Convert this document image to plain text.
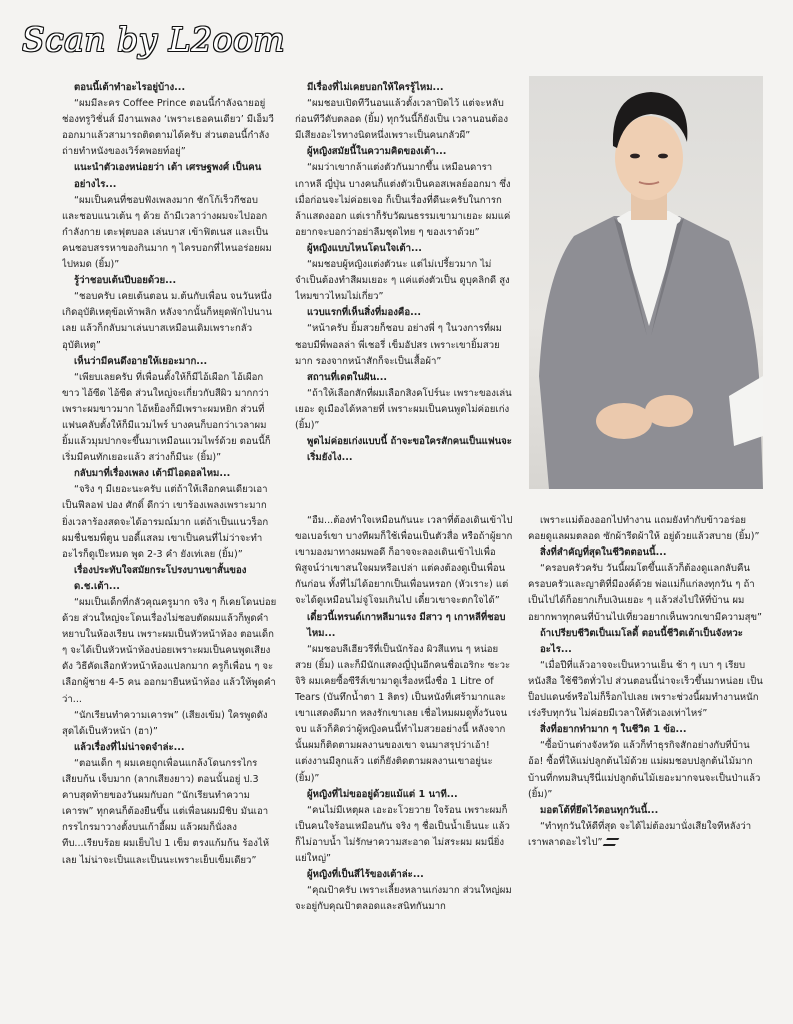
Scan by L2oom

ตอนนี้เต้าทำอะไรอยู่บ้าง...

“ผมมีละคร Coffee Prince ตอนนี้กำลังฉายอยู่ช่องทรูวิชั่นส์ มีงานเพลง ‘เพราะเธอคนเดียว’ มีเอ็มวีออกมาแล้วสามารถติดตามได้ครับ ส่วนตอนนี้กำลังถ่ายทำหนังของเวิร์คพอยท์อยู่”

แนะนำตัวเองหน่อยว่า เต้า เศรษฐพงศ์ เป็นคนอย่างไร...

“ผมเป็นคนที่ชอบฟังเพลงมาก ชักโก้เร็วกีชอบ และชอบแนวเต้น ๆ ด้วย ถ้ามีเวลาว่างผมจะไปออกกำลังกาย เตะฟุตบอล เล่นบาส เข้าฟิตเนส และเป็นคนชอบสรรหาของกินมาก ๆ ไครบอกที่ไหนอร่อยผมไปหมด (ยิ้ม)”

รู้ว่าชอบเต้นปีบอยด้วย...

“ชอบครับ เคยเต้นตอน ม.ต้นกับเพื่อน จนวันหนึ่งเกิดอุบัติเหตุข้อเท้าพลิก หลังจากนั้นก็หยุดพักไปนานเลย แล้วก็กลับมาเล่นบาสเหมือนเดิมเพราะกลัวอุบัติเหตุ”

เห็นว่ามีคนดึงอายให้เยอะมาก...

“เพียบเลยครับ ที่เพื่อนตั้งให้ก็มีไอ้เผือก ไอ้เผือกขาว ไอ้ซีด ไอ้ซีด ส่วนใหญ่จะเกี่ยวกับสีผิว มากกว่าเพราะผมขาวมาก ไอ้หย็องก็มีเพราะผมหยิก ส่วนที่แฟนคลับตั้งให้ก็มีแวมไพร์ บางคนก็บอกว่าเวลาผมยิ้มแล้วมุมปากจะขึ้นมาเหมือนแวมไพร์ด้วย ตอนนี้ก็เริ่มมีคนทักเยอะแล้ว สว่างก็มีนะ (ยิ้ม)”

กลับมาที่เรื่องเพลง เต้ามีไอดอลไหม...

“จริง ๆ มีเยอะนะครับ แต่ถ้าให้เลือกคนเดียวเอาเป็นฟีลอฟ ปอง ศักดิ์ ดีกว่า เขาร้องเพลงเพราะมาก ยิ่งเวลาร้องสดจะได้อารมณ์มาก แต่ถ้าเป็นแนวร็อกผมชื่นชมพี่ตูน บอดี้แสลม เขาเป็นคนที่ไม่ว่าจะทำอะไรก็ดูเป๊ะหมด พูด 2-3 คำ ยังเท่เลย (ยิ้ม)”

เรื่องประทับใจสมัยกระโปรงบานขาสั้นของ ด.ช.เต้า...

“ผมเป็นเด็กที่กลัวคุณครูมาก จริง ๆ ก็เคยโดนบ่อยด้วย ส่วนใหญ่จะโดนเรื่องไม่ชอบตัดผมแล้วก็พูดคำหยาบในห้องเรียน เพราะผมเป็นหัวหน้าห้อง ตอนเด็ก ๆ จะได้เป็นหัวหน้าห้องบ่อยเพราะผมเป็นคนพูดเสียงดัง วิธีคัดเลือกหัวหน้าห้องแปลกมาก ครูก็เพื่อน ๆ จะเลือกผู้ชาย 4-5 คน ออกมายืนหน้าห้อง แล้วให้พูดคำว่า...

“นักเรียนทำความเคารพ” (เสียงเข้ม) ใครพูดดังสุดได้เป็นหัวหน้า (ฮา)”

แล้วเรื่องที่ไม่น่าจดจำล่ะ...

“ตอนเด็ก ๆ ผมเคยถูกเพื่อนแกล้งโดนกรรไกรเสียบก้น เจ็บมาก (ลากเสียงยาว) ตอนนั้นอยู่ ป.3 คาบสุดท้ายของวันผมกับอก “นักเรียนทำความเคารพ” ทุกคนก็ต้องยืนขึ้น แต่เพื่อนผมมีชิบ มันเอากรรไกรมาวางตั้งบนเก้าอี้ผม แล้วผมก็นั่งลงทีบ...เรียบร้อย ผมเย็บไป 1 เข็ม ตรงแก้มก้น ร้องไห้เลย ไม่น่าจะเป็นและเป็นนะเพราะเย็บเข็มเดียว”

มีเรื่องที่ไม่เคยบอกให้ใครรู้ไหม...

“ผมชอบเปิดทีวีนอนแล้วตั้งเวลาปิดไว้ แต่จะหลับก่อนทีวีดับตลอด (ยิ้ม) ทุกวันนี้ก็ยังเป็น เวลานอนต้องมีเสียงอะไรทางนิดหนึ่งเพราะเป็นคนกลัวผี”

ผู้หญิงสมัยนี้ในความคิดของเต้า...

“ผมว่าเขากล้าแต่งตัวกันมากขึ้น เหมือนดาราเกาหลี ญี่ปุ่น บางคนก็แต่งตัวเป็นคอสเพลย์ออกมา ซึ่งเมื่อก่อนจะไม่ค่อยเจอ ก็เป็นเรื่องที่ดีนะครับในการกล้าแสดงออก แต่เราก็รับวัฒนธรรมเขามาเยอะ ผมแค่อยากจะบอกว่าอย่าลืมชุดไทย ๆ ของเราด้วย”

ผู้หญิงแบบไหนโดนใจเต้า...

“ผมชอบผู้หญิงแต่งตัวนะ แต่ไม่เปรี้ยวมาก ไม่จำเป็นต้องทำสีผมเยอะ ๆ แค่แต่งตัวเป็น ดูบุคลิกดี สูงไหมขาวไหมไม่เกี่ยว”

แวบแรกที่เห็นสิ่งที่มองคือ...

“หน้าครับ ยิ้มสวยก็ชอบ อย่างพี่ ๆ ในวงการที่ผมชอบมีพี่พอลล่า พี่เชอรี่ เข็มอัปสร เพราะเขายิ้มสวยมาก รองจากหน้าสักก็จะเป็นเสื้อผ้า”

สถานที่เดตในฝัน...

“ถ้าให้เลือกสักที่ผมเลือกสิงคโปร์นะ เพราะของเล่นเยอะ ดูเมืองได้หลายที่ เพราะผมเป็นคนพูดไม่ค่อยเก่ง (ยิ้ม)”

พูดไม่ค่อยเก่งแบบนี้ ถ้าจะขอใครสักคนเป็นแฟนจะเริ่มยังไง...

“อืม...ต้องทำใจเหมือนกันนะ เวลาที่ต้องเดินเข้าไปขอเบอร์เขา บางทีผมก็ใช้เพื่อนเป็นตัวสื่อ หรือถ้าผู้ยากเขามองมาทางผมพอดี ก็อาจจะลองเดินเข้าไปเพื่อพิสูจน์ว่าเขาสนใจผมหรือเปล่า แต่คงต้องดูเป็นเพื่อนกันก่อน ทั้งที่ไม่ได้อยากเป็นเพื่อนหรอก (หัวเราะ) แต่จะได้ดูเหมือนไม่จู่โจมเกินไป เดี๋ยวเขาจะตกใจได้”

เดี๋ยวนี้เทรนด์เกาหลีมาแรง มีสาว ๆ เกาหลีที่ชอบไหม...

“ผมชอบลีเฮียวรีที่เป็นนักร้อง ผิวสีแทน ๆ หน่อย สวย (ยิ้ม) และก็มีนักแสดงญี่ปุ่นอีกคนชื่อเอริกะ ซะวะจิริ ผมเคยซื้อซีรีส์เขามาดูเรื่องหนึ่งชื่อ 1 Litre of Tears (บันทึกน้ำตา 1 ลิตร) เป็นหนังที่เศร้ามากและเขาแสดงดีมาก หลงรักเขาเลย เชื่อไหมผมดูทั้งวันจนจบ แล้วก็คิดว่าผู้หญิงคนนี้ทำไมสวยอย่างนี้ หลังจากนั้นผมก็ติดตามผลงานของเขา จนมาสรุปว่าเอ้า! แต่งงานมีลูกแล้ว แต่ก็ยังติดตามผลงานเขาอยู่นะ (ยิ้ม)”

ผู้หญิงที่ไม่ขออยู่ด้วยแม้แต่ 1 นาที...

“คนไม่มีเหตุผล เอะอะโวยวาย ใจร้อน เพราะผมก็เป็นคนใจร้อนเหมือนกัน จริง ๆ ชื่อเป็นน้ำเย็นนะ แล้วก็ไม่อาบน้ำ ไม่รักษาความสะอาด ไม่สระผม ผมนี่ยิ่งแย่ใหญ่”

ผู้หญิงที่เป็นสีไร้ของเต้าล่ะ...

“คุณป้าครับ เพราะเลี้ยงหลานเก่งมาก ส่วนใหญ่ผมจะอยู่กับคุณป้าตลอดและสนิทกันมาก

เพราะแม่ต้องออกไปทำงาน แถมยังทำกับข้าวอร่อย คอยดูแลผมตลอด ซักผ้ารีดผ้าให้ อยู่ด้วยแล้วสบาย (ยิ้ม)”

สิ่งที่สำคัญที่สุดในชีวิตตอนนี้...

“ครอบครัวครับ วันนี้ผมโตขึ้นแล้วก็ต้องดูแลกลับคืนครอบครัวและญาติที่มีองค์ด้วย พ่อแม่ก็แก่ลงทุกวัน ๆ ถ้าเป็นไปได้ก็อยากเก็บเงินเยอะ ๆ แล้วส่งไปให้ที่บ้าน ผมอยากพาทุกคนที่บ้านไปเที่ยวอยากเห็นพวกเขามีความสุข”

ถ้าเปรียบชีวิตเป็นเมโลดี้ ตอนนี้ชีวิตเต้าเป็นจังหวะอะไร...

“เมื่อปีที่แล้วอาจจะเป็นหวานเย็น ช้า ๆ เบา ๆ เรียบหนังสือ ใช้ชีวิตทั่วไป ส่วนตอนนี้น่าจะเร็วขึ้นมาหน่อย เป็นป็อปแดนซ์หรือไม่ก็ร็อกไปเลย เพราะช่วงนี้ผมทำงานหนัก เร่งรีบทุกวัน ไม่ค่อยมีเวลาให้ตัวเองเท่าไหร่”

สิ่งที่อยากทำมาก ๆ ในชีวิต 1 ข้อ...

“ซื้อบ้านต่างจังหวัด แล้วก็ทำธุรกิจสักอย่างกับที่บ้าน อ้อ! ซื้อที่ให้แม่ปลูกต้นไม้ด้วย แม่ผมชอบปลูกต้นไม้มาก บ้านที่กทมสินบุรีนี่แม่ปลูกต้นไม้เยอะมากจนจะเป็นป่าแล้ว (ยิ้ม)”

มอตโต้ที่ยึดไว้ตอนทุกวันนี้...

“ทำทุกวันให้ดีที่สุด จะได้ไม่ต้องมานั่งเสียใจทีหลังว่าเราพลาดอะไรไป”
